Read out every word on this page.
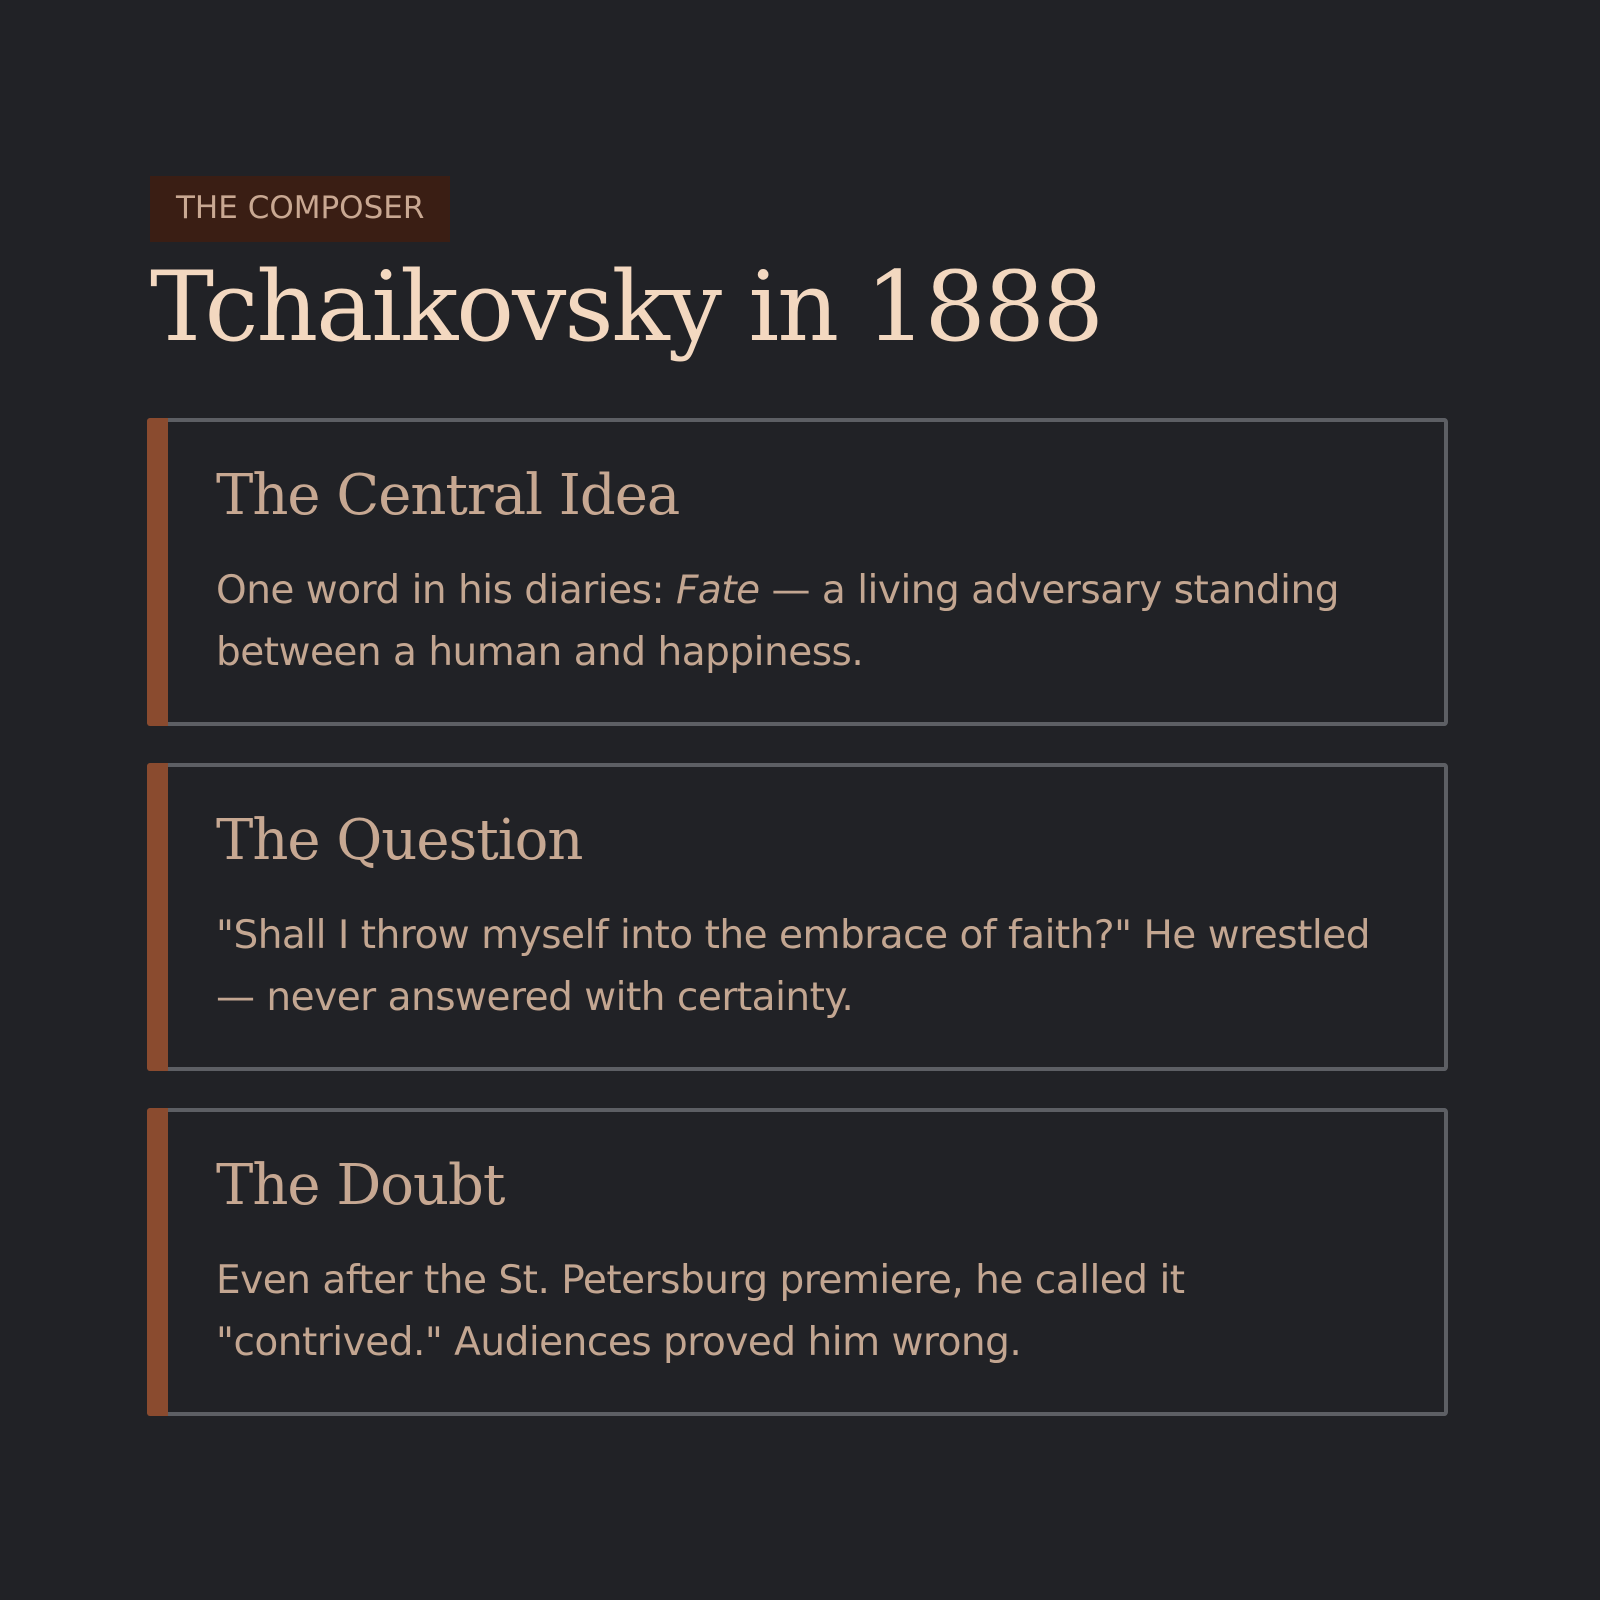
THE COMPOSER
Tchaikovsky in 1888
The Central Idea

One word in his diaries: Fate — a living adversary standing between a human and happiness.

The Question

"Shall I throw myself into the embrace of faith?" He wrestled — never answered with certainty.

The Doubt

Even after the St. Petersburg premiere, he called it "contrived." Audiences proved him wrong.
